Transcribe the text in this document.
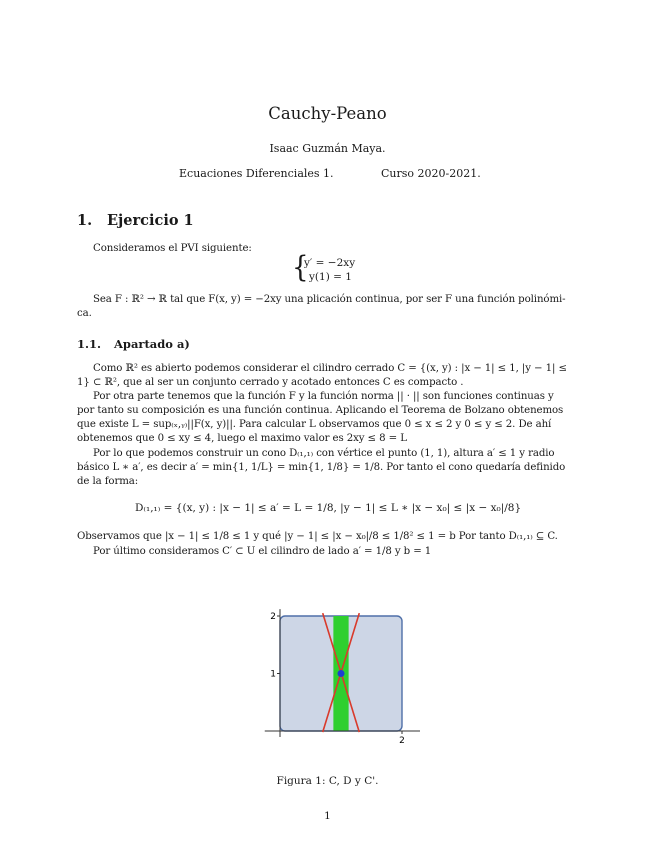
Cauchy-Peano
Isaac Guzmán Maya.
Ecuaciones Diferenciales 1.	Curso 2020-2021.
1. Ejercicio 1
Consideramos el PVI siguiente:
{
y′ = −2xy
y(1) = 1
Sea F : ℝ² → ℝ tal que F(x, y) = −2xy una plicación continua, por ser F una función polinómi-
ca.
1.1. Apartado a)
Como ℝ² es abierto podemos considerar el cilindro cerrado C = {(x, y) : |x − 1| ≤ 1, |y − 1| ≤
1} ⊂ ℝ², que al ser un conjunto cerrado y acotado entonces C es compacto .
Por otra parte tenemos que la función F y la función norma || · || son funciones continuas y
por tanto su composición es una función continua. Aplicando el Teorema de Bolzano obtenemos
que existe L = sup₍ₓ,ᵧ₎||F(x, y)||. Para calcular L observamos que 0 ≤ x ≤ 2 y 0 ≤ y ≤ 2. De ahí
obtenemos que 0 ≤ xy ≤ 4, luego el maximo valor es 2xy ≤ 8 = L
Por lo que podemos construir un cono D₍₁,₁₎ con vértice el punto (1, 1), altura a′ ≤ 1 y radio
básico L ∗ a′, es decir a′ = min{1, 1/L} = min{1, 1/8} = 1/8. Por tanto el cono quedaría definido
de la forma:
D₍₁,₁₎ = {(x, y) : |x − 1| ≤ a′ = L = 1/8, |y − 1| ≤ L ∗ |x − x₀| ≤ |x − x₀|/8}
Observamos que |x − 1| ≤ 1/8 ≤ 1 y qué |y − 1| ≤ |x − x₀|/8 ≤ 1/8² ≤ 1 = b Por tanto D₍₁,₁₎ ⊆ C.
Por último consideramos C′ ⊂ U el cilindro de lado a′ = 1/8 y b = 1
2
1
2
Figura 1: C, D y C'.
1
